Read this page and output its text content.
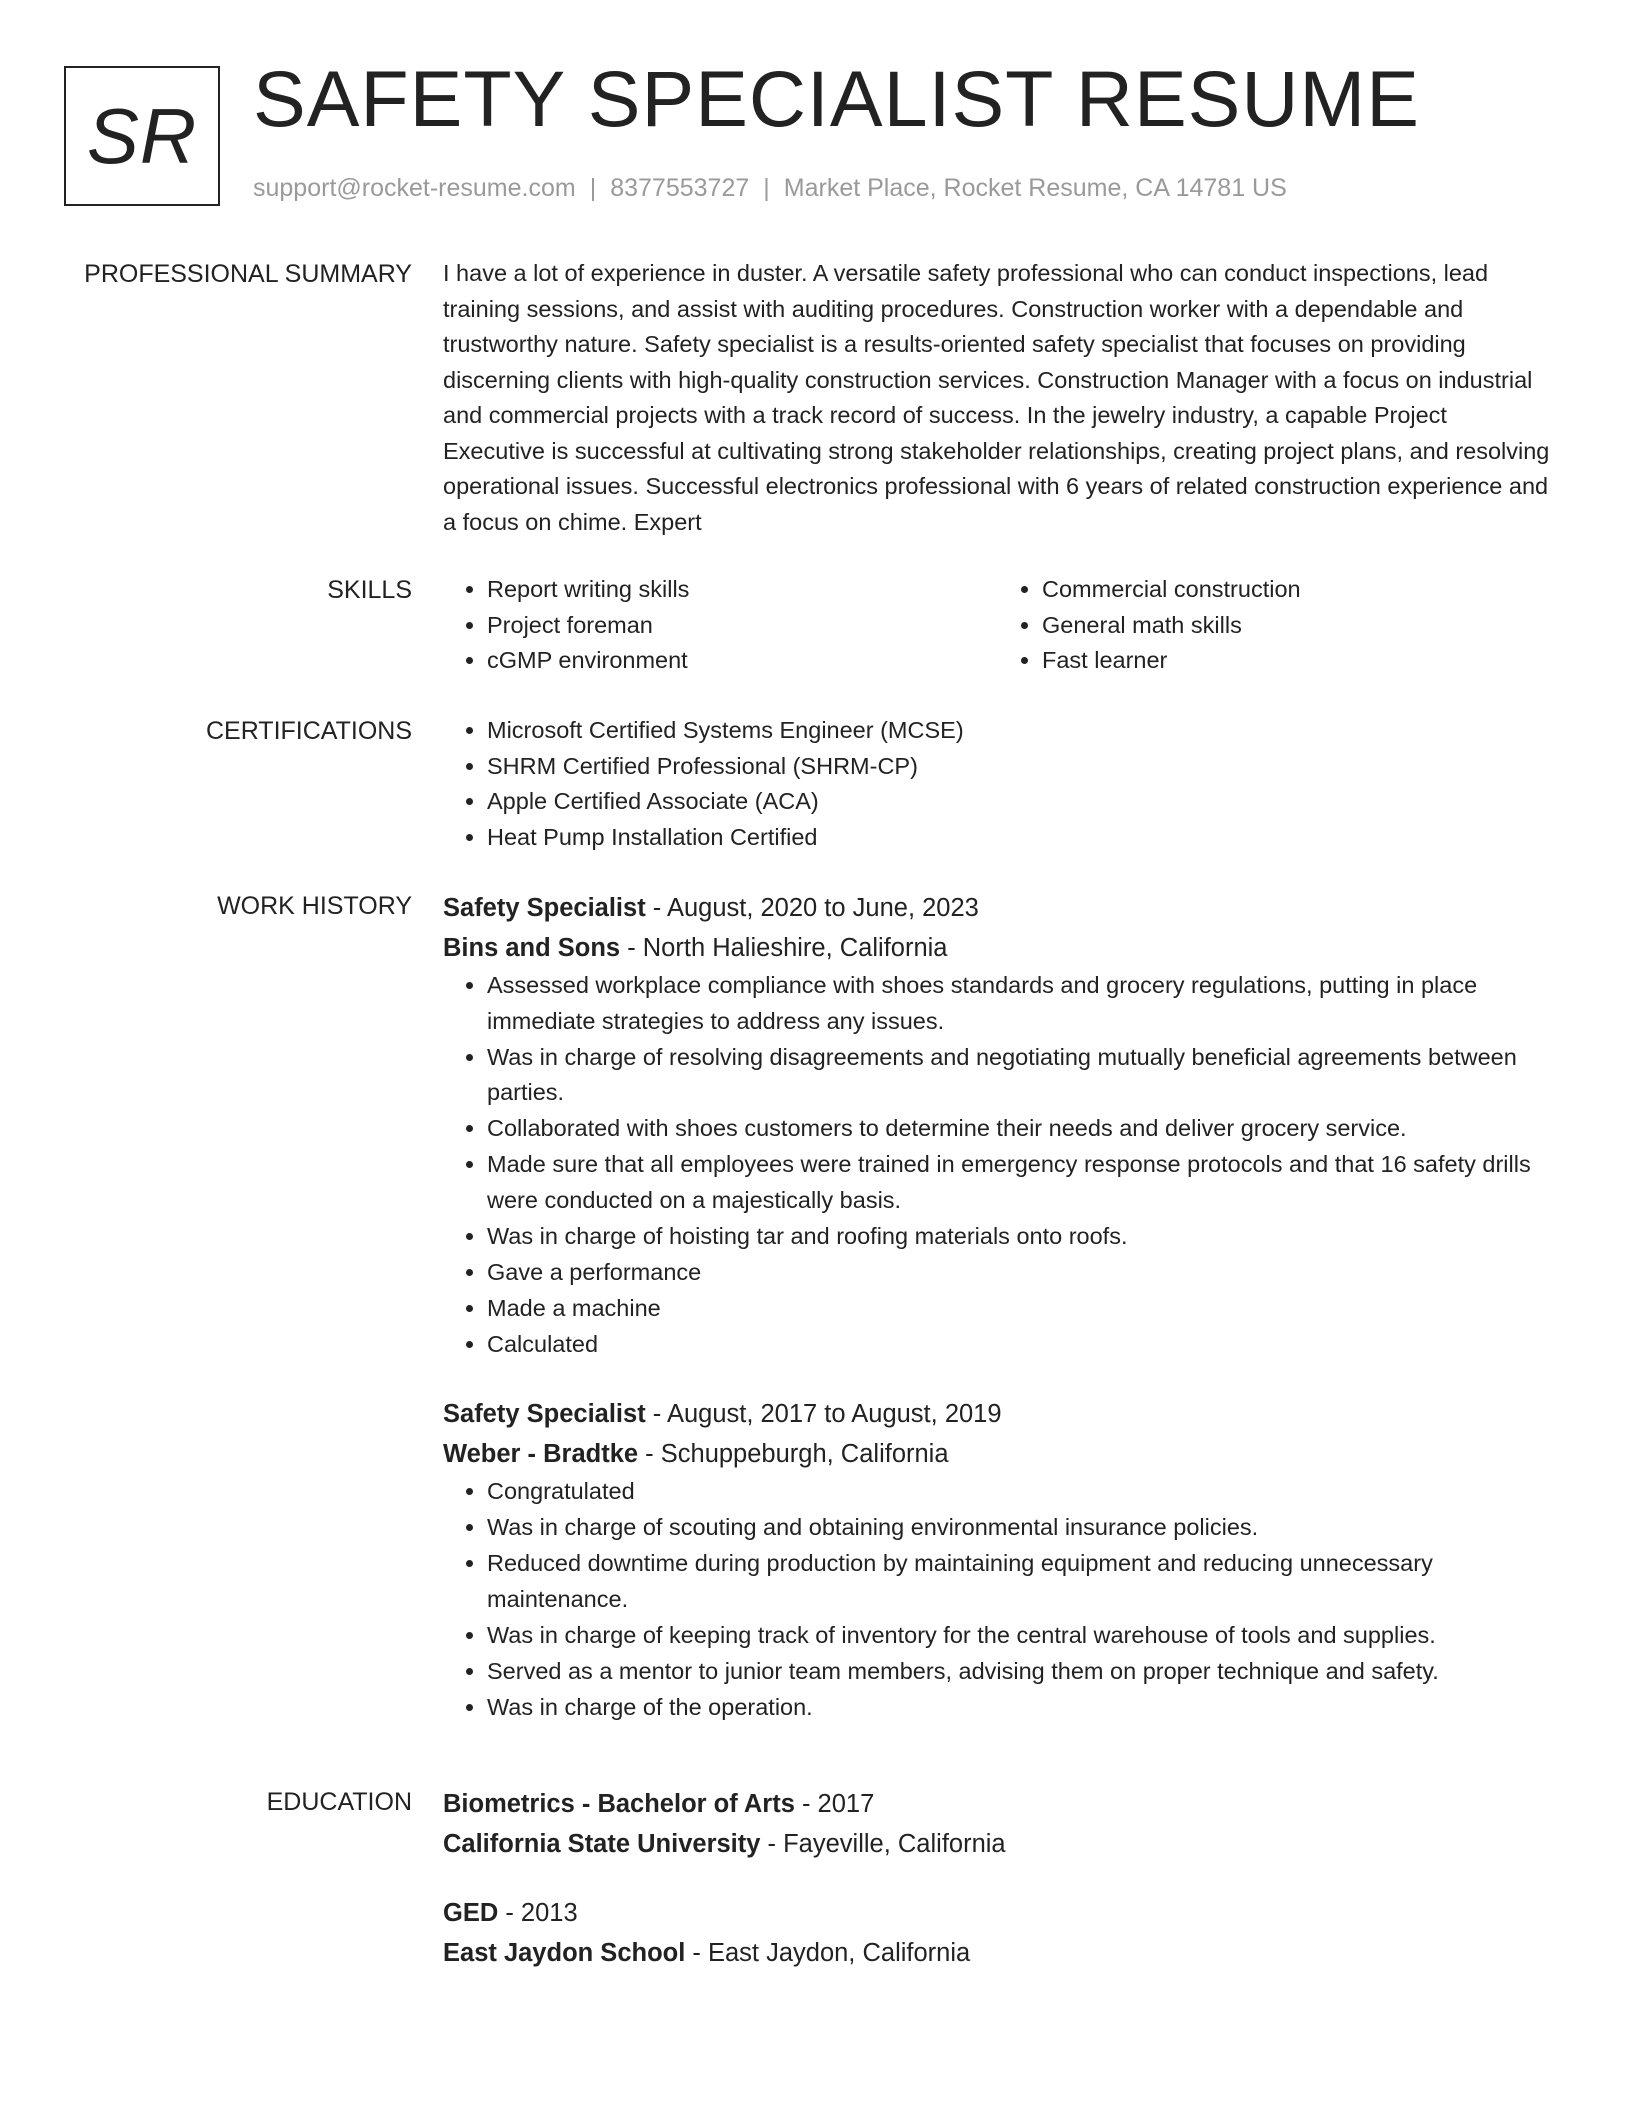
SR SAFETY SPECIALIST RESUME
support@rocket-resume.com | 8377553727 | Market Place, Rocket Resume, CA 14781 US
PROFESSIONAL SUMMARY I have a lot of experience in duster. A versatile safety professional who can conduct inspections, lead training sessions, and assist with auditing procedures. Construction worker with a dependable and trustworthy nature. Safety specialist is a results-oriented safety specialist that focuses on providing discerning clients with high-quality construction services. Construction Manager with a focus on industrial and commercial projects with a track record of success. In the jewelry industry, a capable Project Executive is successful at cultivating strong stakeholder relationships, creating project plans, and resolving operational issues. Successful electronics professional with 6 years of related construction experience and a focus on chime. Expert

SKILLS	• Report writing skills
• Project foreman
• cGMP environment
• Commercial construction
• General math skills
• Fast learner
CERTIFICATIONS	• Microsoft Certified Systems Engineer (MCSE)
• SHRM Certified Professional (SHRM-CP)
• Apple Certified Associate (ACA)
• Heat Pump Installation Certified
WORK HISTORY Safety Specialist - August, 2020 to June, 2023
Bins and Sons - North Halieshire, California
• Assessed workplace compliance with shoes standards and grocery regulations, putting in place immediate strategies to address any issues.
• Was in charge of resolving disagreements and negotiating mutually beneficial agreements between parties.
• Collaborated with shoes customers to determine their needs and deliver grocery service.
• Made sure that all employees were trained in emergency response protocols and that 16 safety drills were conducted on a majestically basis.
• Was in charge of hoisting tar and roofing materials onto roofs.
• Gave a performance
• Made a machine
• Calculated
Safety Specialist - August, 2017 to August, 2019
Weber - Bradtke - Schuppeburgh, California
• Congratulated
• Was in charge of scouting and obtaining environmental insurance policies.
• Reduced downtime during production by maintaining equipment and reducing unnecessary maintenance.
• Was in charge of keeping track of inventory for the central warehouse of tools and supplies.
• Served as a mentor to junior team members, advising them on proper technique and safety.
• Was in charge of the operation.
EDUCATION Biometrics - Bachelor of Arts - 2017
California State University - Fayeville, California
GED - 2013
East Jaydon School - East Jaydon, California
